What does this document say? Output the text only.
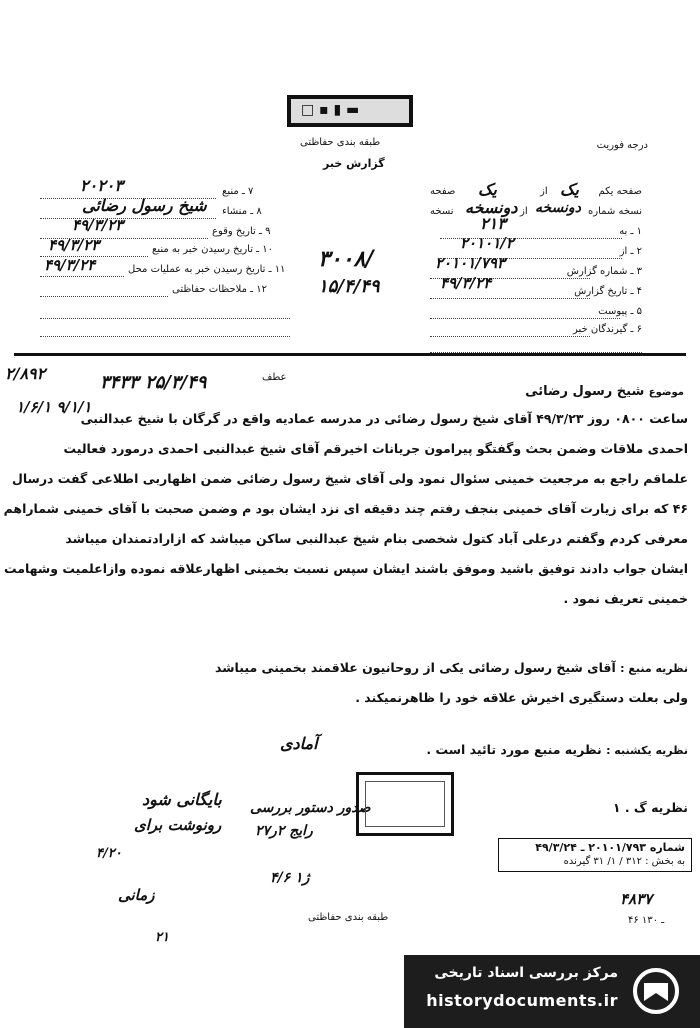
□ ▪ ▮ ▬
درجه فوریت
طبقه بندی حفاظتی
گزارش خبر
صفحه یکم
یک
از
یک
صفحه
نسخه شماره
دونسخه
از
دونسخه
نسخه
۱ ـ به
۲۱۳
۲ ـ از
۲۰۱۰۱/۲
۳ ـ شماره گزارش
۲۰۱۰۱/۷۹۳
۴ ـ تاریخ گزارش
۴۹/۳/۲۴
۵ ـ پیوست
۶ ـ گیرندگان خبر
۷ ـ منبع
۲۰۲۰۳
۸ ـ منشاء
شیخ رسول رضائی
۹ ـ تاریخ وقوع
۴۹/۳/۲۳
۱۰ ـ تاریخ رسیدن خبر به منبع
۴۹/۳/۲۳
۱۱ ـ تاریخ رسیدن خبر به عملیات محل
۴۹/۳/۲۴
۱۲ ـ ملاحظات حفاظتی
۳۰۰۸/
۱۵/۴/۴۹
عطف
۲/۸۹۲	۳۴۳۳ ۲۵/۳/۴۹
۱/۶/۱ ۹/۱/۱
موضوع شیخ رسول رضائی
ساعت ۰۸۰۰ روز ۴۹/۳/۲۳ آقای شیخ رسول رضائی در مدرسه عمادیه واقع در گرگان با شیخ عبدالنبی
احمدی ملاقات وضمن بحث وگفتگو پیرامون جریانات اخیرقم آقای شیخ عبدالنبی احمدی درمورد فعالیت
علماقم راجع به مرجعیت خمینی سئوال نمود ولی آقای شیخ رسول رضائی ضمن اظهاربی اطلاعی گفت درسال
۴۶ که برای زیارت آقای خمینی بنجف رفتم چند دقیقه ای نزد ایشان بود م وضمن صحبت با آقای خمینی شماراهم
معرفی کردم وگفتم درعلی آباد کتول شخصی بنام شیخ عبدالنبی ساکن میباشد که ازارادتمندان میباشد
ایشان جواب دادند توفیق باشید وموفق باشند ایشان سپس نسبت بخمینی اظهارعلاقه نموده وازاعلمیت وشهامت
خمینی تعریف نمود .
نظریه منبع : آقای شیخ رسول رضائی یکی از روحانیون علاقمند بخمینی میباشد
ولی بعلت دستگیری اخیرش علاقه خود را ظاهرنمیکند .
نظریه یکشنبه : نظریه منبع مورد تائید است .
آمادی
نظریه گ . ۱
بایگانی شود
رونوشت برای
صدور دستور بررسی
رایج ۲ر۲۷
ژ۱ ۴/۶
۴/۲۰
زمانی
۲۱
شماره ۲۰۱۰۱/۷۹۳ ـ ۴۹/۳/۲۴
به بخش : ۳۱۲ / ۱/ ۳۱ گیرنده
۴۸۳۷
۴۶ ـ ۱۳۰
طبقه بندی حفاظتی
مرکز بررسی اسناد تاریخی
historydocuments.ir
